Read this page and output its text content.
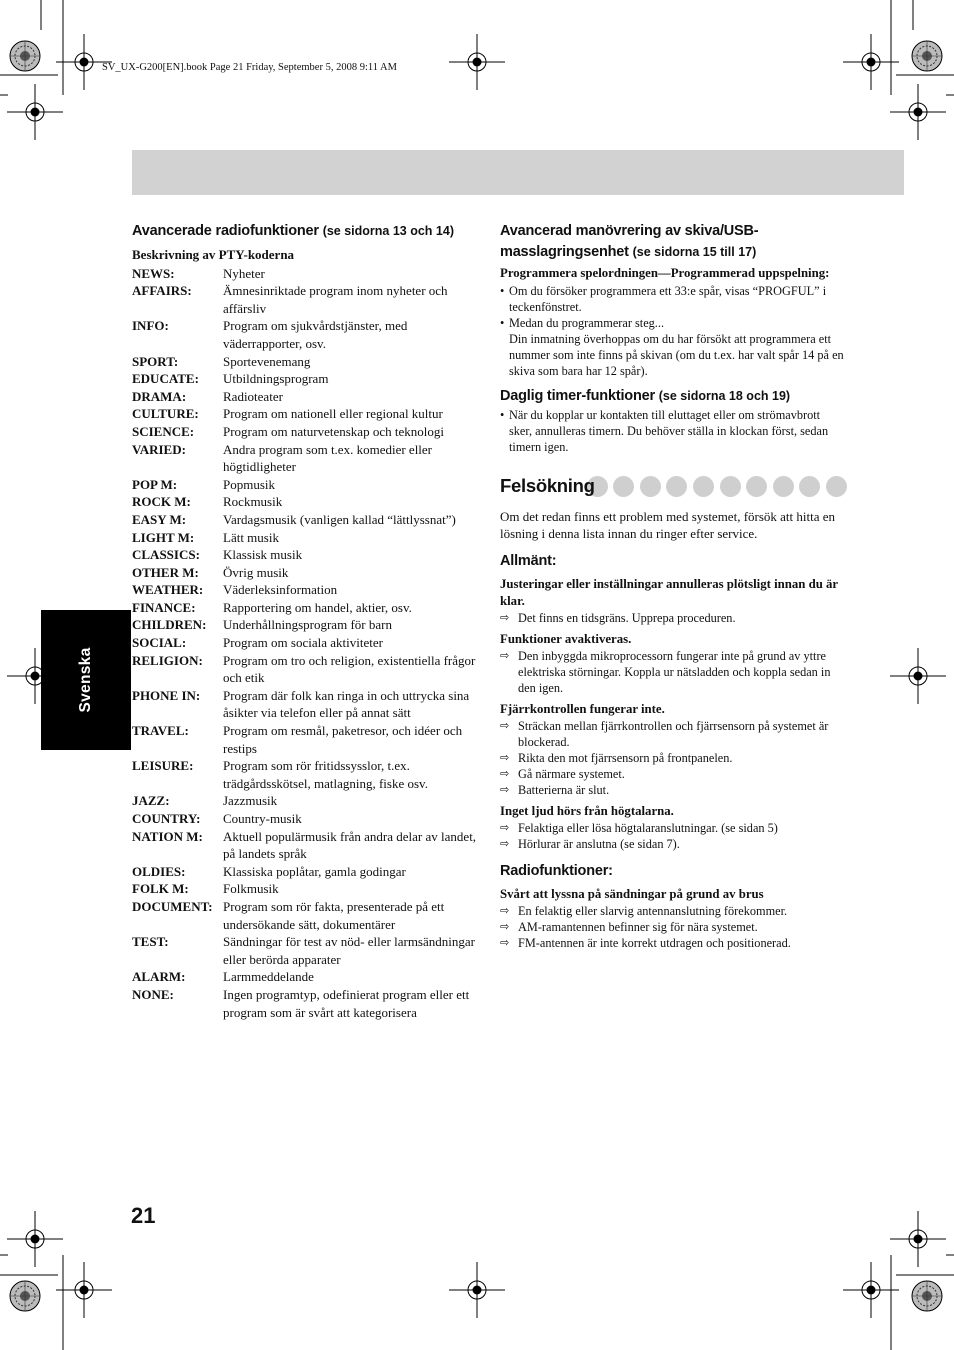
SV_UX-G200[EN].book Page 21 Friday, September 5, 2008 9:11 AM
Svenska
21
Avancerade radiofunktioner (se sidorna 13 och 14)
Beskrivning av PTY-koderna
NEWS:	Nyheter
AFFAIRS:	Ämnesinriktade program inom nyheter och affärsliv
INFO:	Program om sjukvårdstjänster, med väderrapporter, osv.
SPORT:	Sportevenemang
EDUCATE:	Utbildningsprogram
DRAMA:	Radioteater
CULTURE:	Program om nationell eller regional kultur
SCIENCE:	Program om naturvetenskap och teknologi
VARIED:	Andra program som t.ex. komedier eller högtidligheter
POP M:	Popmusik
ROCK M:	Rockmusik
EASY M:	Vardagsmusik (vanligen kallad “lättlyssnat”)
LIGHT M:	Lätt musik
CLASSICS:	Klassisk musik
OTHER M:	Övrig musik
WEATHER:	Väderleksinformation
FINANCE:	Rapportering om handel, aktier, osv.
CHILDREN:	Underhållningsprogram för barn
SOCIAL:	Program om sociala aktiviteter
RELIGION:	Program om tro och religion, existentiella frågor och etik
PHONE IN:	Program där folk kan ringa in och uttrycka sina åsikter via telefon eller på annat sätt
TRAVEL:	Program om resmål, paketresor, och idéer och restips
LEISURE:	Program som rör fritidssysslor, t.ex. trädgårdsskötsel, matlagning, fiske osv.
JAZZ:	Jazzmusik
COUNTRY:	Country-musik
NATION M:	Aktuell populärmusik från andra delar av landet, på landets språk
OLDIES:	Klassiska poplåtar, gamla godingar
FOLK M:	Folkmusik
DOCUMENT:	Program som rör fakta, presenterade på ett undersökande sätt, dokumentärer
TEST:	Sändningar för test av nöd- eller larmsändningar eller berörda apparater
ALARM:	Larmmeddelande
NONE:	Ingen programtyp, odefinierat program eller ett program som är svårt att kategorisera
Avancerad manövrering av skiva/USB-
masslagringsenhet (se sidorna 15 till 17)
Programmera spelordningen—Programmerad uppspelning:
• Om du försöker programmera ett 33:e spår, visas “PROGFUL” i teckenfönstret.
• Medan du programmerar steg...
Din inmatning överhoppas om du har försökt att programmera ett nummer som inte finns på skivan (om du t.ex. har valt spår 14 på en skiva som bara har 12 spår).
Daglig timer-funktioner (se sidorna 18 och 19)
• När du kopplar ur kontakten till eluttaget eller om strömavbrott sker, annulleras timern. Du behöver ställa in klockan först, sedan timern igen.
Felsökning
Om det redan finns ett problem med systemet, försök att hitta en lösning i denna lista innan du ringer efter service.
Allmänt:
Justeringar eller inställningar annulleras plötsligt innan du är klar.
⇨ Det finns en tidsgräns. Upprepa proceduren.
Funktioner avaktiveras.
⇨ Den inbyggda mikroprocessorn fungerar inte på grund av yttre elektriska störningar. Koppla ur nätsladden och koppla sedan in den igen.
Fjärrkontrollen fungerar inte.
⇨ Sträckan mellan fjärrkontrollen och fjärrsensorn på systemet är blockerad.
⇨ Rikta den mot fjärrsensorn på frontpanelen.
⇨ Gå närmare systemet.
⇨ Batterierna är slut.
Inget ljud hörs från högtalarna.
⇨ Felaktiga eller lösa högtalaranslutningar. (se sidan 5)
⇨ Hörlurar är anslutna (se sidan 7).
Radiofunktioner:
Svårt att lyssna på sändningar på grund av brus
⇨ En felaktig eller slarvig antennanslutning förekommer.
⇨ AM-ramantennen befinner sig för nära systemet.
⇨ FM-antennen är inte korrekt utdragen och positionerad.
